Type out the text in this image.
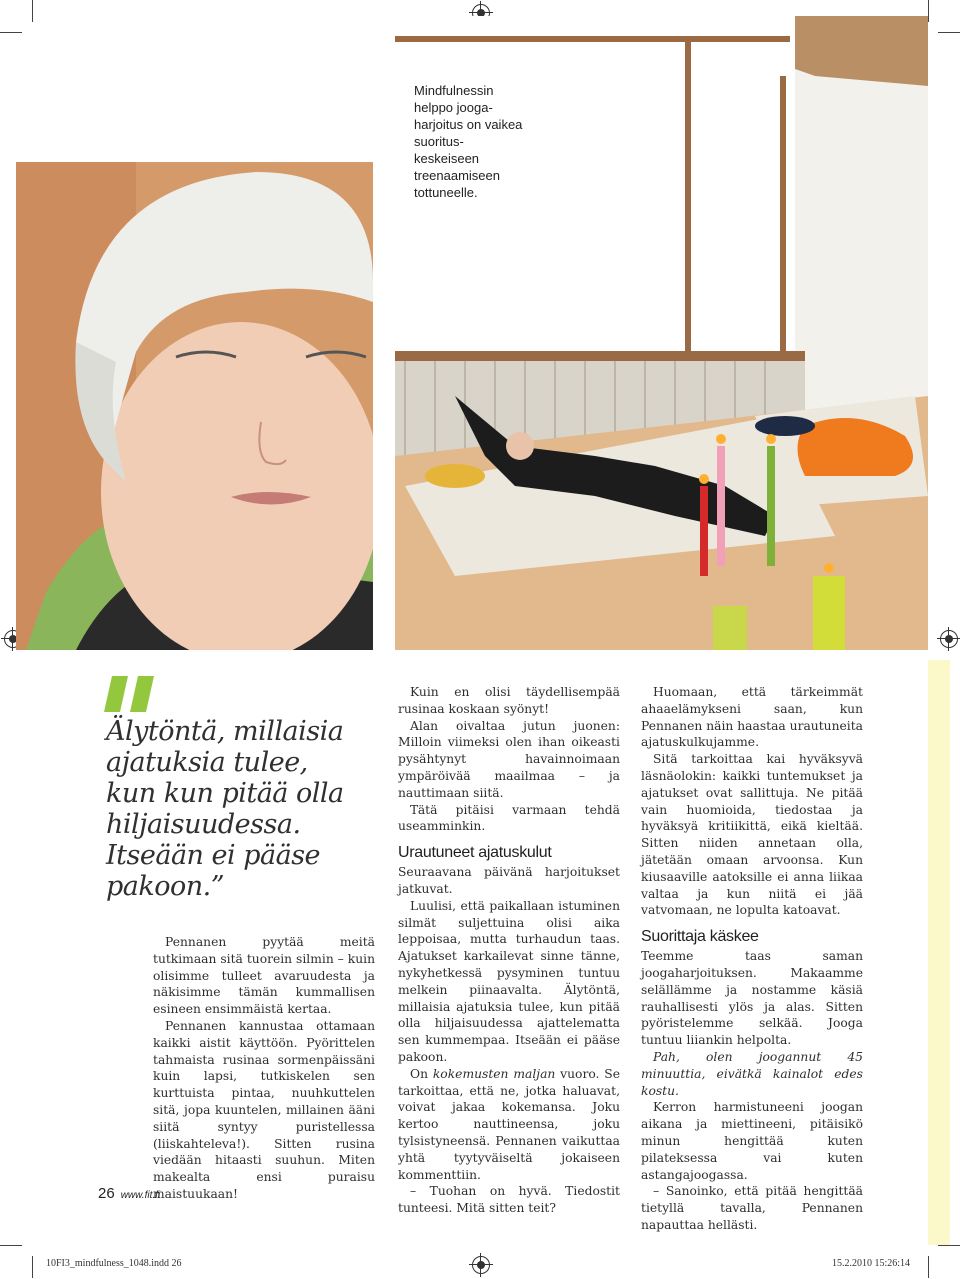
Mindfulnessin helppo jooga-harjoitus on vaikea suoritus-keskeiseen treenaamiseen tottuneelle.
Älytöntä, millaisia ajatuksia tulee, kun kun pitää olla hiljaisuudessa. Itseään ei pääse pakoon.”

Pennanen pyytää meitä tutkimaan sitä tuorein silmin – kuin olisimme tulleet avaruudesta ja näkisimme tämän kummallisen esineen ensimmäistä kertaa.

Pennanen kannustaa ottamaan kaikki aistit käyttöön. Pyörittelen tahmaista rusinaa sormenpäissäni kuin lapsi, tutkiskelen sen kurttuista pintaa, nuuhkuttelen sitä, jopa kuuntelen, millainen ääni siitä syntyy puristellessa (liiskahteleva!). Sitten rusina viedään hitaasti suuhun. Miten makealta ensi puraisu maistuukaan!

Kuin en olisi täydellisempää rusinaa koskaan syönyt!

Alan oivaltaa jutun juonen: Milloin viimeksi olen ihan oikeasti pysähtynyt havainnoimaan ympäröivää maailmaa – ja nauttimaan siitä.

Tätä pitäisi varmaan tehdä useamminkin.

Urautuneet ajatuskulut

Seuraavana päivänä harjoitukset jatkuvat.

Luulisi, että paikallaan istuminen silmät suljettuina olisi aika leppoisaa, mutta turhaudun taas. Ajatukset karkailevat sinne tänne, nykyhetkessä pysyminen tuntuu melkein piinaavalta. Älytöntä, millaisia ajatuksia tulee, kun pitää olla hiljaisuudessa ajattelematta sen kummempaa. Itseään ei pääse pakoon.

On kokemusten maljan vuoro. Se tarkoittaa, että ne, jotka haluavat, voivat jakaa kokemansa. Joku kertoo nauttineensa, joku tylsistyneensä. Pennanen vaikuttaa yhtä tyytyväiseltä jokaiseen kommenttiin.

– Tuohan on hyvä. Tiedostit tunteesi. Mitä sitten teit?

Huomaan, että tärkeimmät ahaaelämykseni saan, kun Pennanen näin haastaa urautuneita ajatuskulkujamme.

Sitä tarkoittaa kai hyväksyvä läsnäolokin: kaikki tuntemukset ja ajatukset ovat sallittuja. Ne pitää vain huomioida, tiedostaa ja hyväksyä kritiikittä, eikä kieltää. Sitten niiden annetaan olla, jätetään omaan arvoonsa. Kun kiusaaville aatoksille ei anna liikaa valtaa ja kun niitä ei jää vatvomaan, ne lopulta katoavat.

Suorittaja käskee

Teemme taas saman joogaharjoituksen. Makaamme selällämme ja nostamme käsiä rauhallisesti ylös ja alas. Sitten pyöristelemme selkää. Jooga tuntuu liiankin helpolta.

Pah, olen joogannut 45 minuuttia, eivätkä kainalot edes kostu.

Kerron harmistuneeni joogan aikana ja miettineeni, pitäisikö minun hengittää kuten pilateksessa vai kuten astangajoogassa.

– Sanoinko, että pitää hengittää tietyllä tavalla, Pennanen napauttaa hellästi.

26 www.fit.fi
10FI3_mindfulness_1048.indd 26	15.2.2010 15:26:14
